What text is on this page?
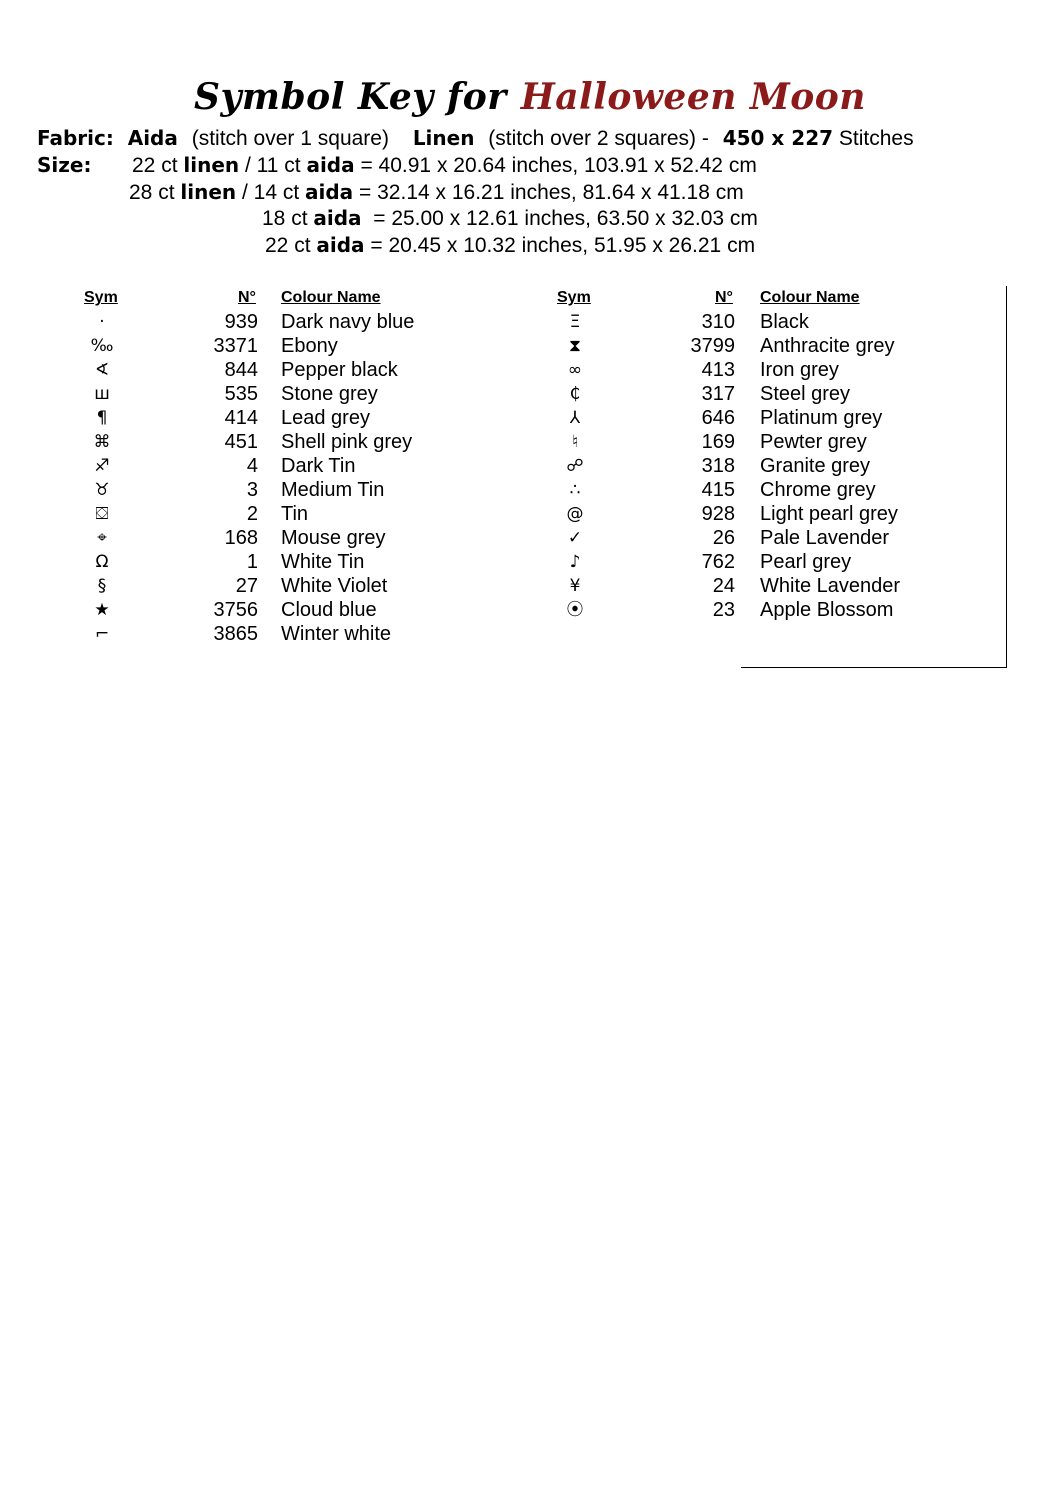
Symbol Key for Halloween Moon
Fabric: Aida (stitch over 1 square) Linen (stitch over 2 squares) - 450 x 227 Stitches
Size: 22 ct linen / 11 ct aida = 40.91 x 20.64 inches, 103.91 x 52.42 cm
28 ct linen / 14 ct aida = 32.14 x 16.21 inches, 81.64 x 41.18 cm
18 ct aida  = 25.00 x 12.61 inches, 63.50 x 32.03 cm
22 ct aida = 20.45 x 10.32 inches, 51.95 x 26.21 cm
Sym	N° Colour Name	Sym	N° Colour Name
·	939 Dark navy blue
‰	3371 Ebony
∢	844 Pepper black
ш	535 Stone grey
¶	414 Lead grey
⌘	451 Shell pink grey
♐	4 Dark Tin
♉	3 Medium Tin
⛋	2 Tin
⌖	168 Mouse grey
Ω	1 White Tin
§	27 White Violet
★	3756 Cloud blue
⌐	3865 Winter white
Ξ	310 Black
⧗	3799 Anthracite grey
∞	413 Iron grey
₵	317 Steel grey
⅄	646 Platinum grey
♮	169 Pewter grey
☍	318 Granite grey
∴	415 Chrome grey
@	928 Light pearl grey
✓	26 Pale Lavender
♪	762 Pearl grey
¥	24 White Lavender
⦿	23 Apple Blossom
